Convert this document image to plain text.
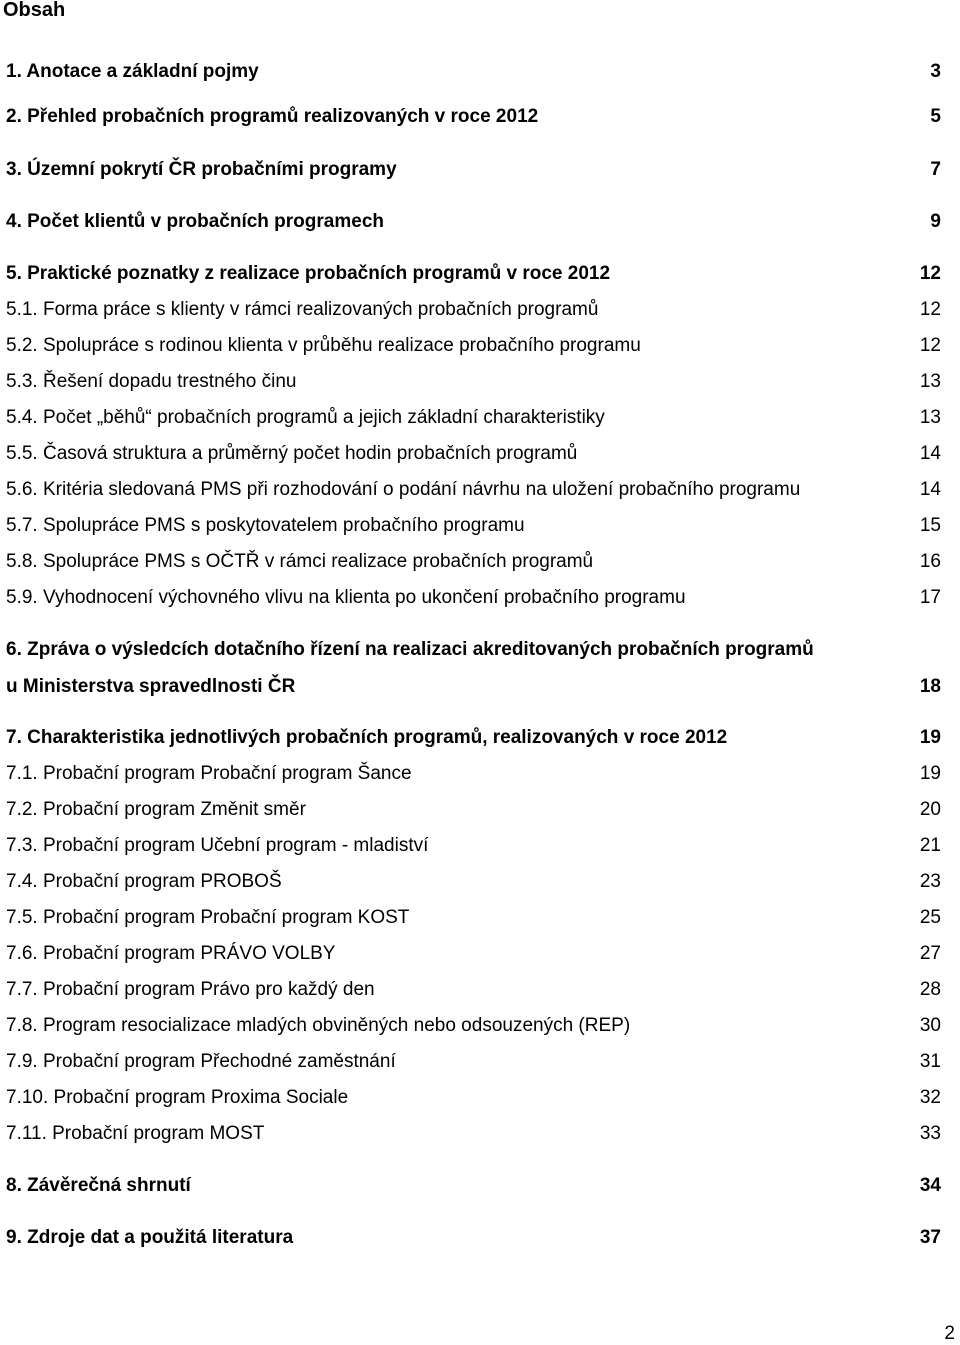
Obsah
1. Anotace a základní pojmy	3
2. Přehled probačních programů realizovaných v roce 2012	5
3. Územní pokrytí ČR probačními programy	7
4. Počet klientů v probačních programech	9
5. Praktické poznatky z realizace probačních programů v roce 2012	12
5.1. Forma práce s klienty v rámci realizovaných probačních programů	12
5.2. Spolupráce s rodinou klienta v průběhu realizace probačního programu	12
5.3. Řešení dopadu trestného činu	13
5.4. Počet „běhů“ probačních programů a jejich základní charakteristiky	13
5.5. Časová struktura a průměrný počet hodin probačních programů	14
5.6. Kritéria sledovaná PMS při rozhodování o podání návrhu na uložení probačního programu	14
5.7. Spolupráce PMS s poskytovatelem probačního programu	15
5.8. Spolupráce PMS s OČTŘ v rámci realizace probačních programů	16
5.9. Vyhodnocení výchovného vlivu na klienta po ukončení probačního programu	17
6. Zpráva o výsledcích dotačního řízení na realizaci akreditovaných probačních programů
u Ministerstva spravedlnosti ČR	18
7. Charakteristika jednotlivých probačních programů, realizovaných v roce 2012	19
7.1. Probační program Probační program Šance	19
7.2. Probační program Změnit směr	20
7.3. Probační program Učební program - mladiství	21
7.4. Probační program PROBOŠ	23
7.5. Probační program Probační program KOST	25
7.6. Probační program PRÁVO VOLBY	27
7.7. Probační program Právo pro každý den	28
7.8. Program resocializace mladých obviněných nebo odsouzených (REP)	30
7.9. Probační program Přechodné zaměstnání	31
7.10. Probační program Proxima Sociale	32
7.11. Probační program MOST	33
8. Závěrečná shrnutí	34
9. Zdroje dat a použitá literatura	37
2
